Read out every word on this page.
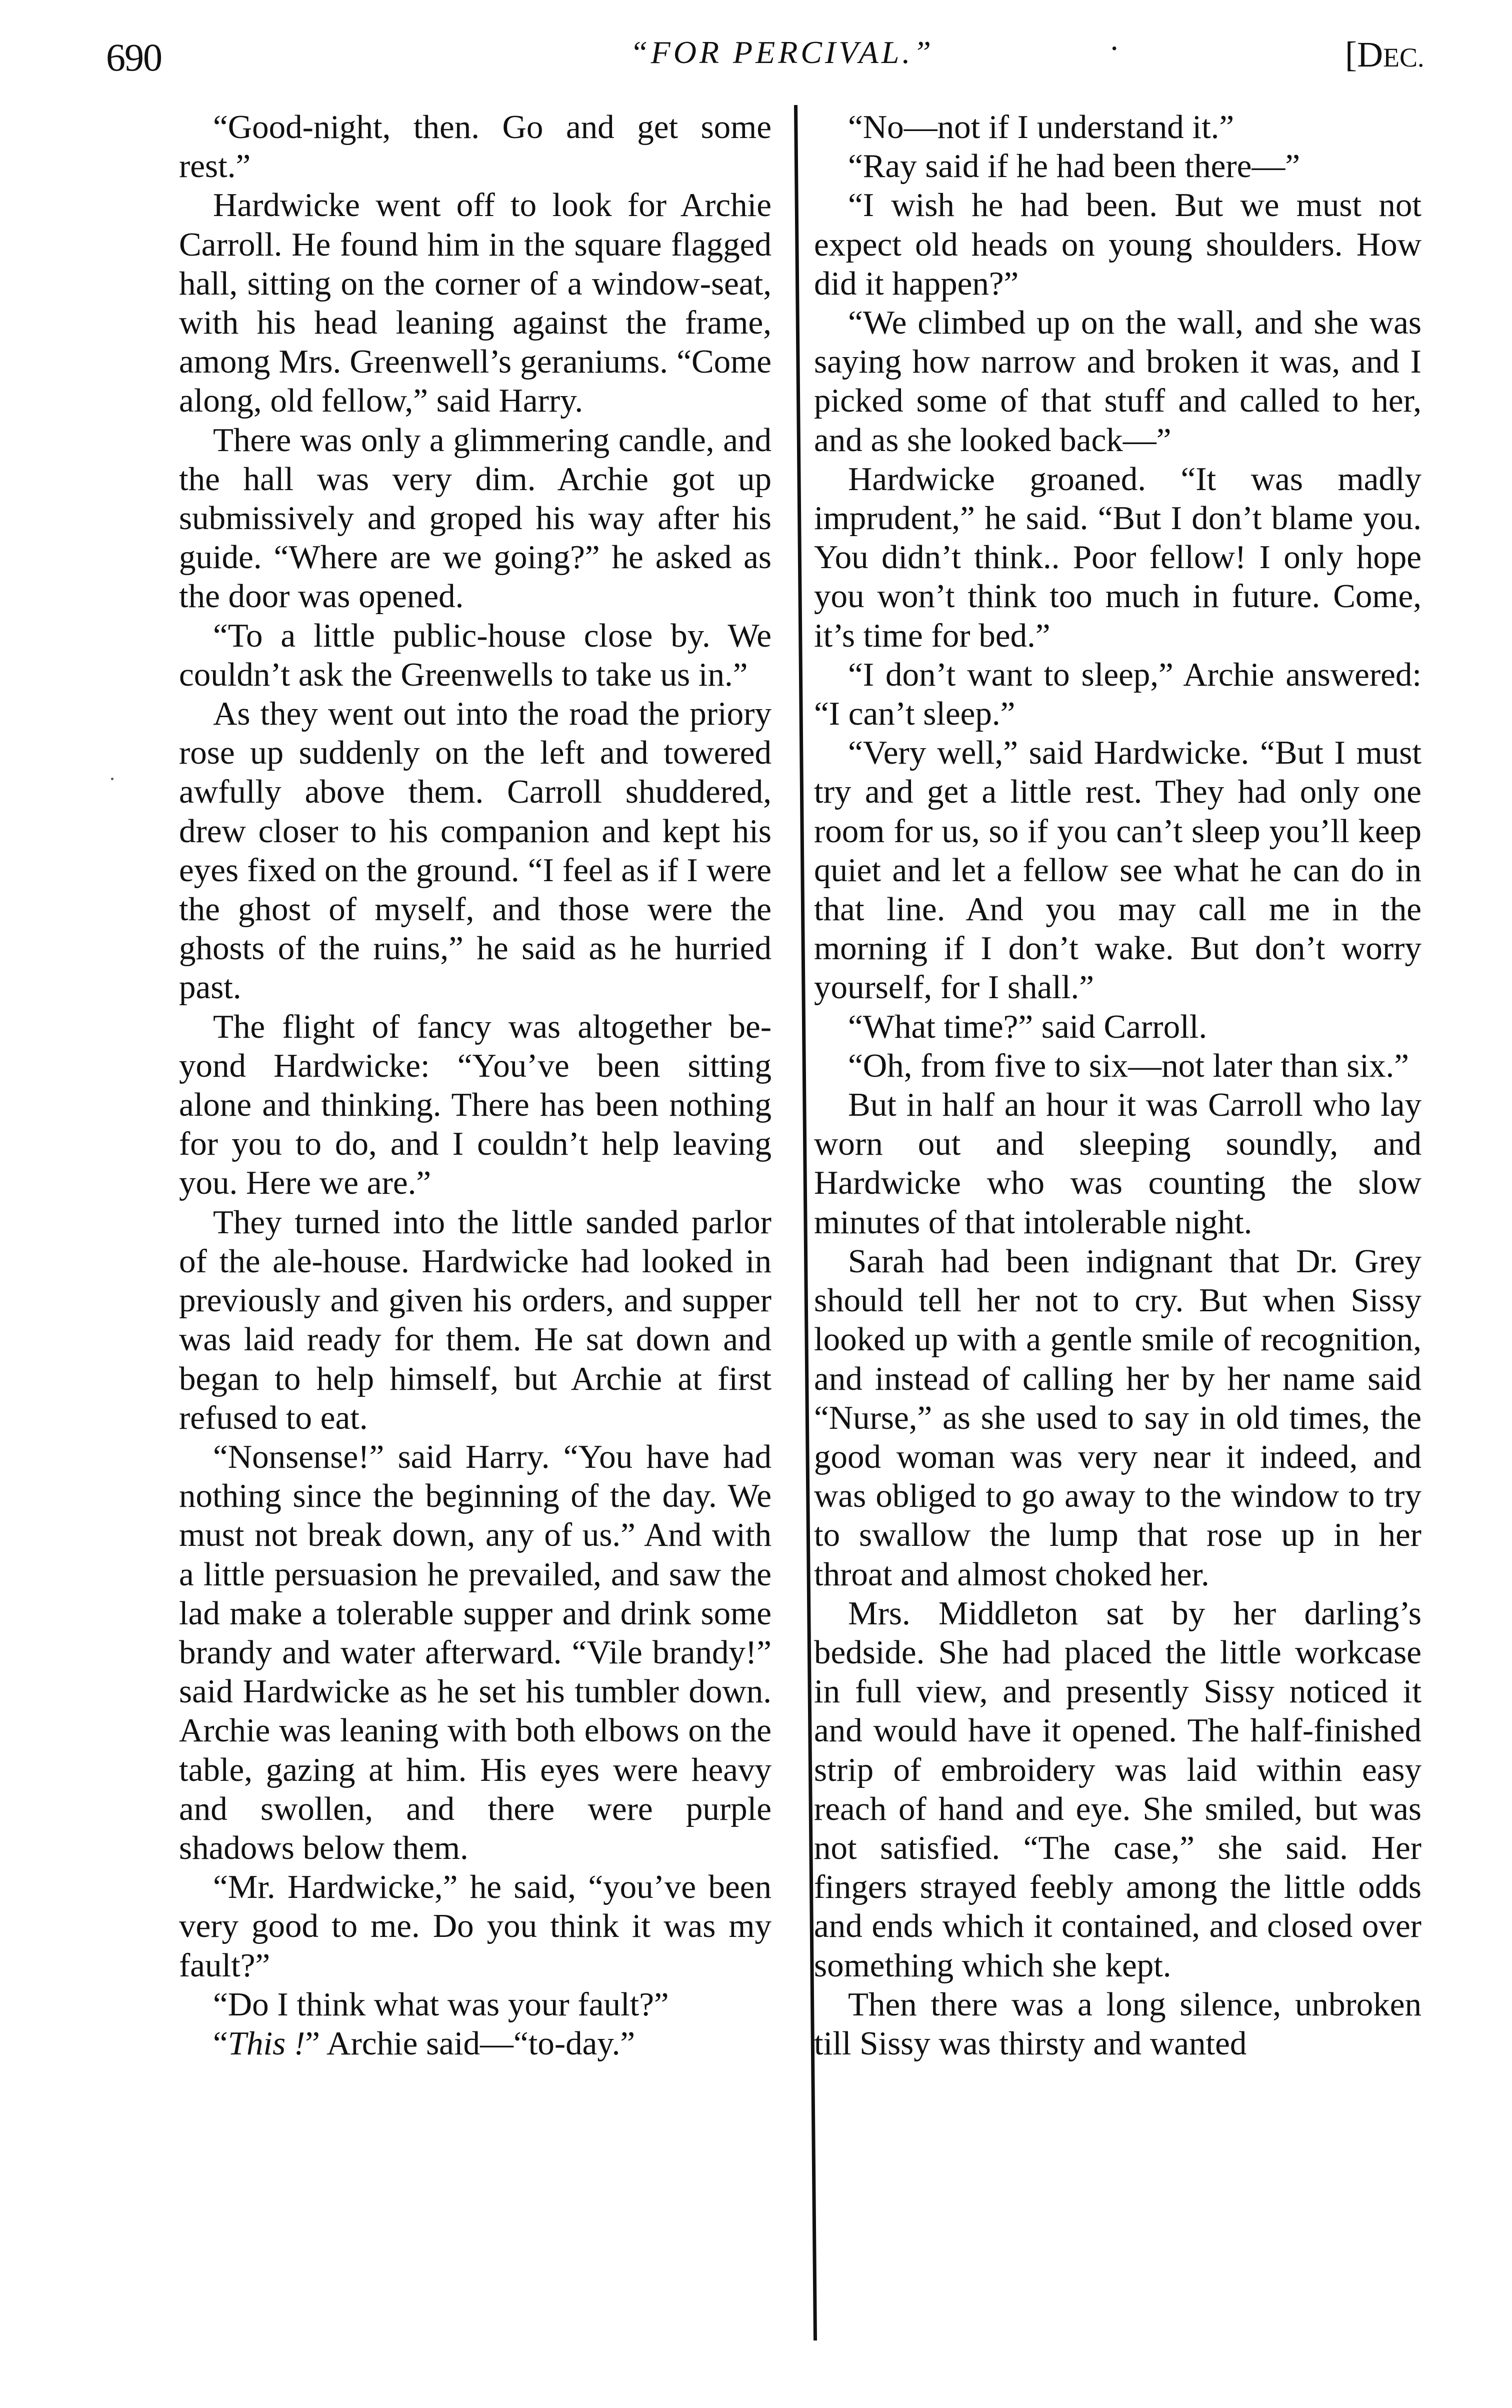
690	“FOR PERCIVAL.”	·	[DEC.

“Good-night, then. Go and get some rest.”

Hardwicke went off to look for Archie Carroll. He found him in the square flagged hall, sitting on the corner of a window-seat, with his head leaning against the frame, among Mrs. Greenwell’s geraniums. “Come along, old fellow,” said Harry.

There was only a glimmering candle, and the hall was very dim. Archie got up submissively and groped his way after his guide. “Where are we going?” he asked as the door was opened.

“To a little public-house close by. We couldn’t ask the Greenwells to take us in.”

As they went out into the road the priory rose up suddenly on the left and towered awfully above them. Carroll shuddered, drew closer to his companion and kept his eyes fixed on the ground. “I feel as if I were the ghost of myself, and those were the ghosts of the ruins,” he said as he hurried past.

The flight of fancy was altogether beyond Hardwicke: “You’ve been sitting alone and thinking. There has been nothing for you to do, and I couldn’t help leaving you. Here we are.”

They turned into the little sanded parlor of the ale-house. Hardwicke had looked in previously and given his orders, and supper was laid ready for them. He sat down and began to help himself, but Archie at first refused to eat.

“Nonsense!” said Harry. “You have had nothing since the beginning of the day. We must not break down, any of us.” And with a little persuasion he prevailed, and saw the lad make a tolerable supper and drink some brandy and water afterward. “Vile brandy!” said Hardwicke as he set his tumbler down. Archie was leaning with both elbows on the table, gazing at him. His eyes were heavy and swollen, and there were purple shadows below them.

“Mr. Hardwicke,” he said, “you’ve been very good to me. Do you think it was my fault?”

“Do I think what was your fault?”

“This !” Archie said—“to-day.”

“No—not if I understand it.”

“Ray said if he had been there—”

“I wish he had been. But we must not expect old heads on young shoulders. How did it happen?”

“We climbed up on the wall, and she was saying how narrow and broken it was, and I picked some of that stuff and called to her, and as she looked back—”

Hardwicke groaned. “It was madly imprudent,” he said. “But I don’t blame you. You didn’t think.. Poor fellow! I only hope you won’t think too much in future. Come, it’s time for bed.”

“I don’t want to sleep,” Archie answered: “I can’t sleep.”

“Very well,” said Hardwicke. “But I must try and get a little rest. They had only one room for us, so if you can’t sleep you’ll keep quiet and let a fellow see what he can do in that line. And you may call me in the morning if I don’t wake. But don’t worry yourself, for I shall.”

“What time?” said Carroll.

“Oh, from five to six—not later than six.”

But in half an hour it was Carroll who lay worn out and sleeping soundly, and Hardwicke who was counting the slow minutes of that intolerable night.

Sarah had been indignant that Dr. Grey should tell her not to cry. But when Sissy looked up with a gentle smile of recognition, and instead of calling her by her name said “Nurse,” as she used to say in old times, the good woman was very near it indeed, and was obliged to go away to the window to try to swallow the lump that rose up in her throat and almost choked her.

Mrs. Middleton sat by her darling’s bedside. She had placed the little workcase in full view, and presently Sissy noticed it and would have it opened. The half-finished strip of embroidery was laid within easy reach of hand and eye. She smiled, but was not satisfied. “The case,” she said. Her fingers strayed feebly among the little odds and ends which it contained, and closed over something which she kept.

Then there was a long silence, unbroken till Sissy was thirsty and wanted
